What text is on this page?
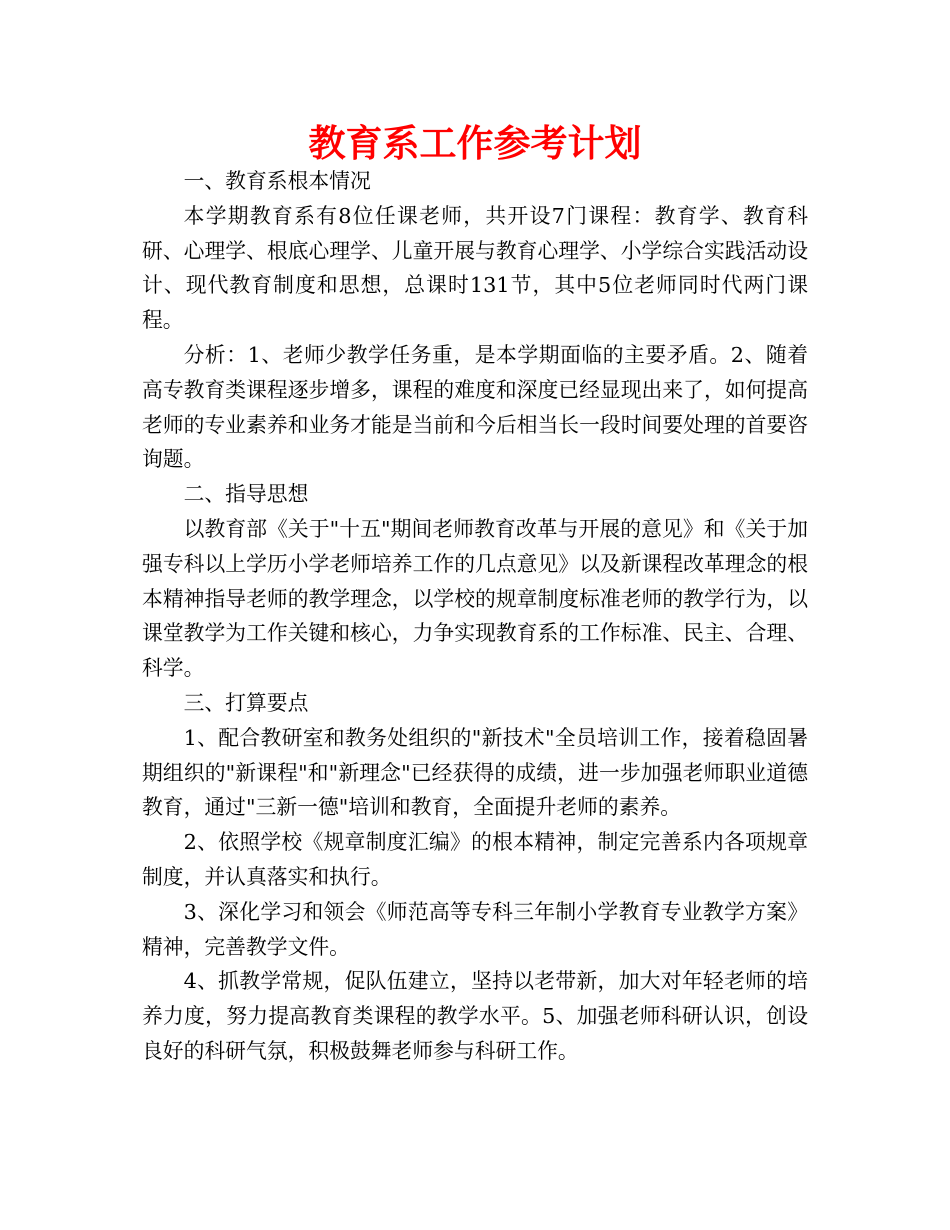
教育系工作参考计划

一、教育系根本情况

本学期教育系有8位任课老师，共开设7门课程：教育学、教育科研、心理学、根底心理学、儿童开展与教育心理学、小学综合实践活动设计、现代教育制度和思想，总课时131节，其中5位老师同时代两门课程。

分析：1、老师少教学任务重，是本学期面临的主要矛盾。2、随着高专教育类课程逐步增多，课程的难度和深度已经显现出来了，如何提高老师的专业素养和业务才能是当前和今后相当长一段时间要处理的首要咨询题。

二、指导思想

以教育部《关于"十五"期间老师教育改革与开展的意见》和《关于加强专科以上学历小学老师培养工作的几点意见》以及新课程改革理念的根本精神指导老师的教学理念，以学校的规章制度标准老师的教学行为，以课堂教学为工作关键和核心，力争实现教育系的工作标准、民主、合理、科学。

三、打算要点

1、配合教研室和教务处组织的"新技术"全员培训工作，接着稳固暑期组织的"新课程"和"新理念"已经获得的成绩，进一步加强老师职业道德教育，通过"三新一德"培训和教育，全面提升老师的素养。

2、依照学校《规章制度汇编》的根本精神，制定完善系内各项规章制度，并认真落实和执行。

3、深化学习和领会《师范高等专科三年制小学教育专业教学方案》精神，完善教学文件。

4、抓教学常规，促队伍建立，坚持以老带新，加大对年轻老师的培养力度，努力提高教育类课程的教学水平。5、加强老师科研认识，创设良好的科研气氛，积极鼓舞老师参与科研工作。
